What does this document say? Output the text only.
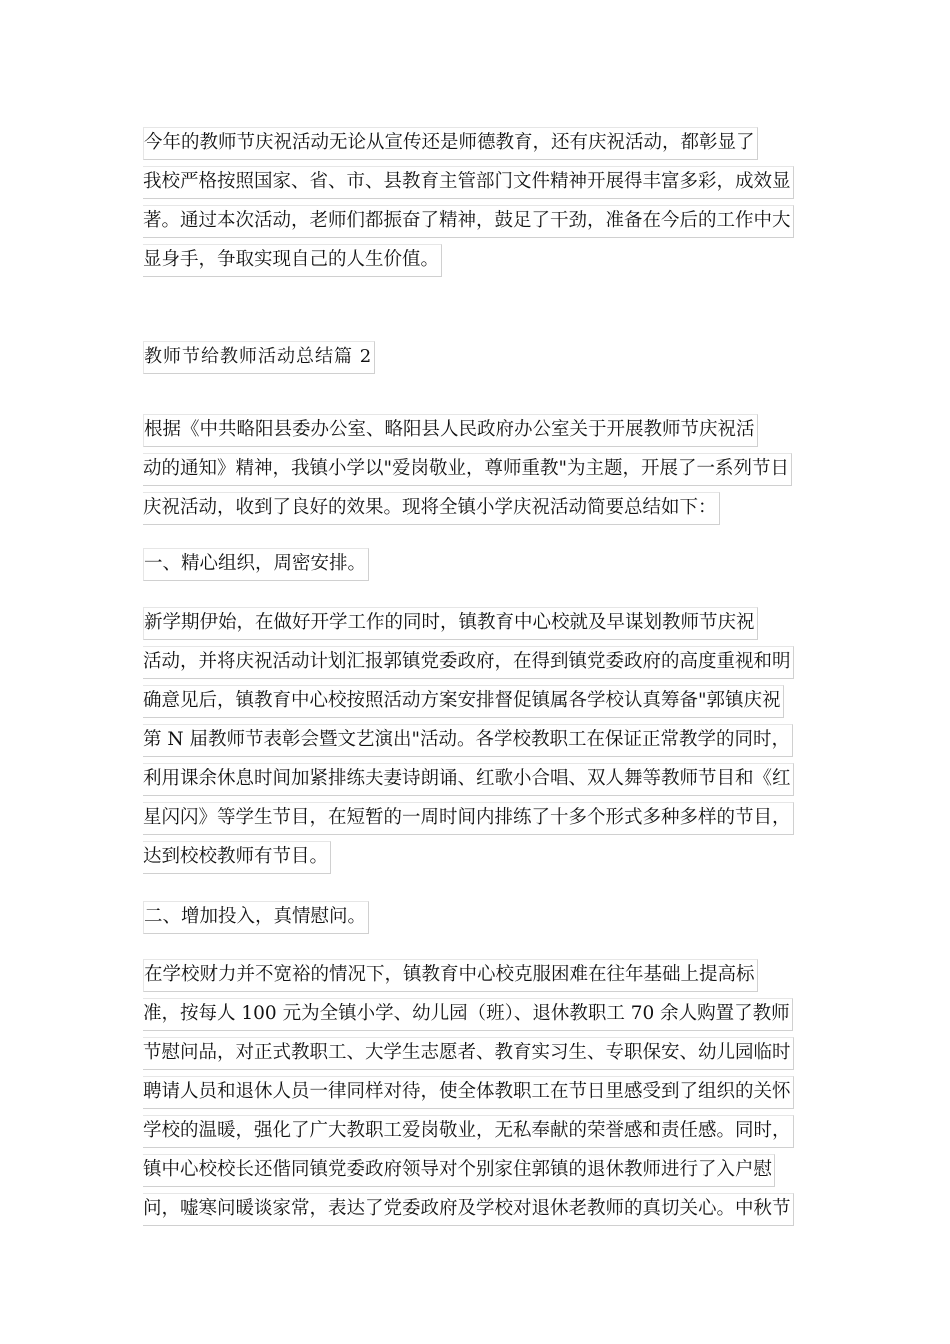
今年的教师节庆祝活动无论从宣传还是师德教育，还有庆祝活动，都彰显了
我校严格按照国家、省、市、县教育主管部门文件精神开展得丰富多彩，成效显
著。通过本次活动，老师们都振奋了精神，鼓足了干劲，准备在今后的工作中大
显身手，争取实现自己的人生价值。
教师节给教师活动总结篇 2
根据《中共略阳县委办公室、略阳县人民政府办公室关于开展教师节庆祝活
动的通知》精神，我镇小学以"爱岗敬业，尊师重教"为主题，开展了一系列节日
庆祝活动，收到了良好的效果。现将全镇小学庆祝活动简要总结如下：
一、精心组织，周密安排。
新学期伊始，在做好开学工作的同时，镇教育中心校就及早谋划教师节庆祝
活动，并将庆祝活动计划汇报郭镇党委政府，在得到镇党委政府的高度重视和明
确意见后，镇教育中心校按照活动方案安排督促镇属各学校认真筹备"郭镇庆祝
第 N 届教师节表彰会暨文艺演出"活动。各学校教职工在保证正常教学的同时，
利用课余休息时间加紧排练夫妻诗朗诵、红歌小合唱、双人舞等教师节目和《红
星闪闪》等学生节目，在短暂的一周时间内排练了十多个形式多种多样的节目，
达到校校教师有节目。
二、增加投入，真情慰问。
在学校财力并不宽裕的情况下，镇教育中心校克服困难在往年基础上提高标
准，按每人 100 元为全镇小学、幼儿园（班）、退休教职工 70 余人购置了教师
节慰问品，对正式教职工、大学生志愿者、教育实习生、专职保安、幼儿园临时
聘请人员和退休人员一律同样对待，使全体教职工在节日里感受到了组织的关怀
学校的温暖，强化了广大教职工爱岗敬业，无私奉献的荣誉感和责任感。同时，
镇中心校校长还偕同镇党委政府领导对个别家住郭镇的退休教师进行了入户慰
问，嘘寒问暖谈家常，表达了党委政府及学校对退休老教师的真切关心。中秋节
